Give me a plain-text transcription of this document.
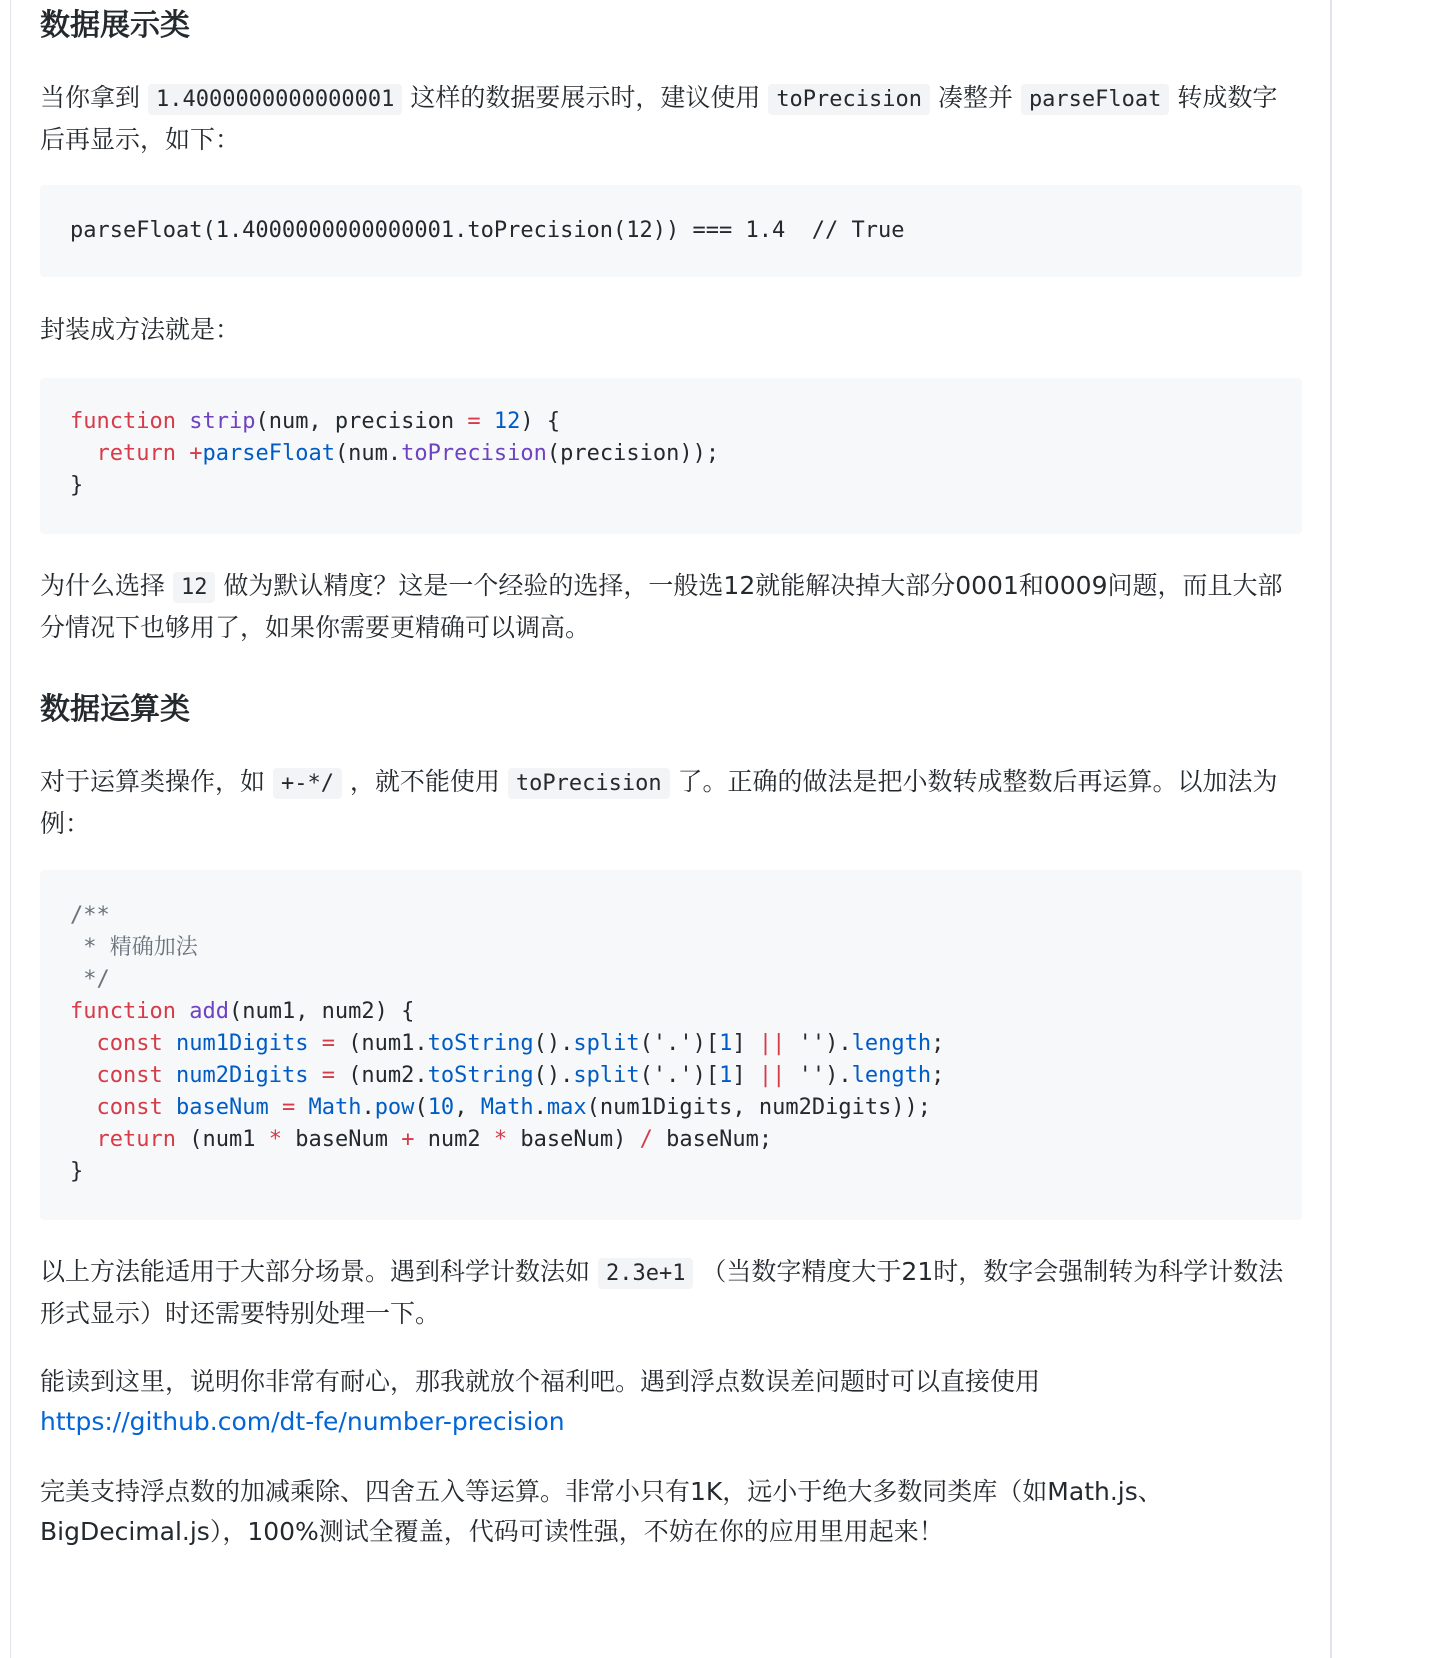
数据展示类

当你拿到 1.4000000000000001 这样的数据要展示时，建议使用 toPrecision 凑整并 parseFloat 转成数字后再显示，如下：

parseFloat(1.4000000000000001.toPrecision(12)) === 1.4  // True

封装成方法就是：

function strip(num, precision = 12) {
return +parseFloat(num.toPrecision(precision));
}

为什么选择 12 做为默认精度？这是一个经验的选择，一般选12就能解决掉大部分0001和0009问题，而且大部分情况下也够用了，如果你需要更精确可以调高。

数据运算类

对于运算类操作，如 +-*/ ，就不能使用 toPrecision 了。正确的做法是把小数转成整数后再运算。以加法为例：

/**
* 精确加法
*/
function add(num1, num2) {
const num1Digits = (num1.toString().split('.')[1] || '').length;
const num2Digits = (num2.toString().split('.')[1] || '').length;
const baseNum = Math.pow(10, Math.max(num1Digits, num2Digits));
return (num1 * baseNum + num2 * baseNum) / baseNum;
}

以上方法能适用于大部分场景。遇到科学计数法如 2.3e+1 （当数字精度大于21时，数字会强制转为科学计数法形式显示）时还需要特别处理一下。

能读到这里，说明你非常有耐心，那我就放个福利吧。遇到浮点数误差问题时可以直接使用
https://github.com/dt-fe/number-precision

完美支持浮点数的加减乘除、四舍五入等运算。非常小只有1K，远小于绝大多数同类库（如Math.js、BigDecimal.js），100%测试全覆盖，代码可读性强，不妨在你的应用里用起来！
